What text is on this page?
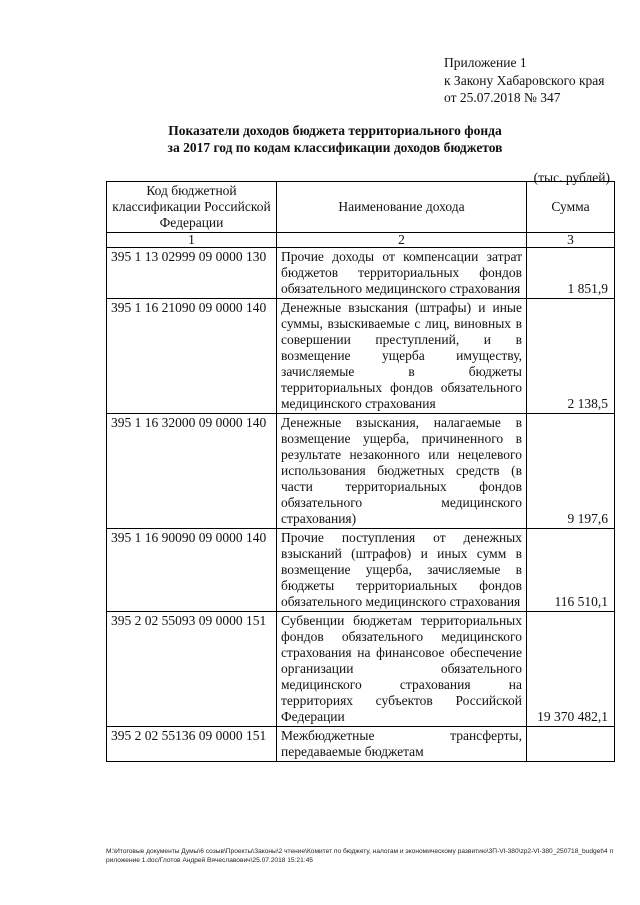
Приложение 1
к Закону Хабаровского края
от 25.07.2018 № 347
Показатели доходов бюджета территориального фонда
за 2017 год по кодам классификации доходов бюджетов
(тыс. рублей)
Код бюджетной классификации Российской Федерации	Наименование дохода	Сумма
1	2	3
395 1 13 02999 09 0000 130	Прочие доходы от компенсации затрат бюджетов территориальных фондов обязательного медицинского страхования	1 851,9
395 1 16 21090 09 0000 140	Денежные взыскания (штрафы) и иные суммы, взыскиваемые с лиц, виновных в совершении преступлений, и в возмещение ущерба имуществу, зачисляемые в бюджеты территориальных фондов обязательного медицинского страхования	2 138,5
395 1 16 32000 09 0000 140	Денежные взыскания, налагаемые в возмещение ущерба, причиненного в результате незаконного или нецелевого использования бюджетных средств (в части территориальных фондов обязательного медицинского страхования)	9 197,6
395 1 16 90090 09 0000 140	Прочие поступления от денежных взысканий (штрафов) и иных сумм в возмещение ущерба, зачисляемые в бюджеты территориальных фондов обязательного медицинского страхования	116 510,1
395 2 02 55093 09 0000 151	Субвенции бюджетам территориальных фондов обязательного медицинского страхования на финансовое обеспечение организации обязательного медицинского страхования на территориях субъектов Российской Федерации	19 370 482,1
395 2 02 55136 09 0000 151	Межбюджетные трансферты, передаваемые бюджетам	
M:\Итоговые документы Думы\6 созыв\Проекты\Законы\2 чтение\Комитет по бюджету, налогам и экономическому развитию\3П-VI-380\zp2-VI-380_250718_budget\4 приложение 1.doc/Глотов Андрей Вячеславович\25.07.2018 15:21:45
